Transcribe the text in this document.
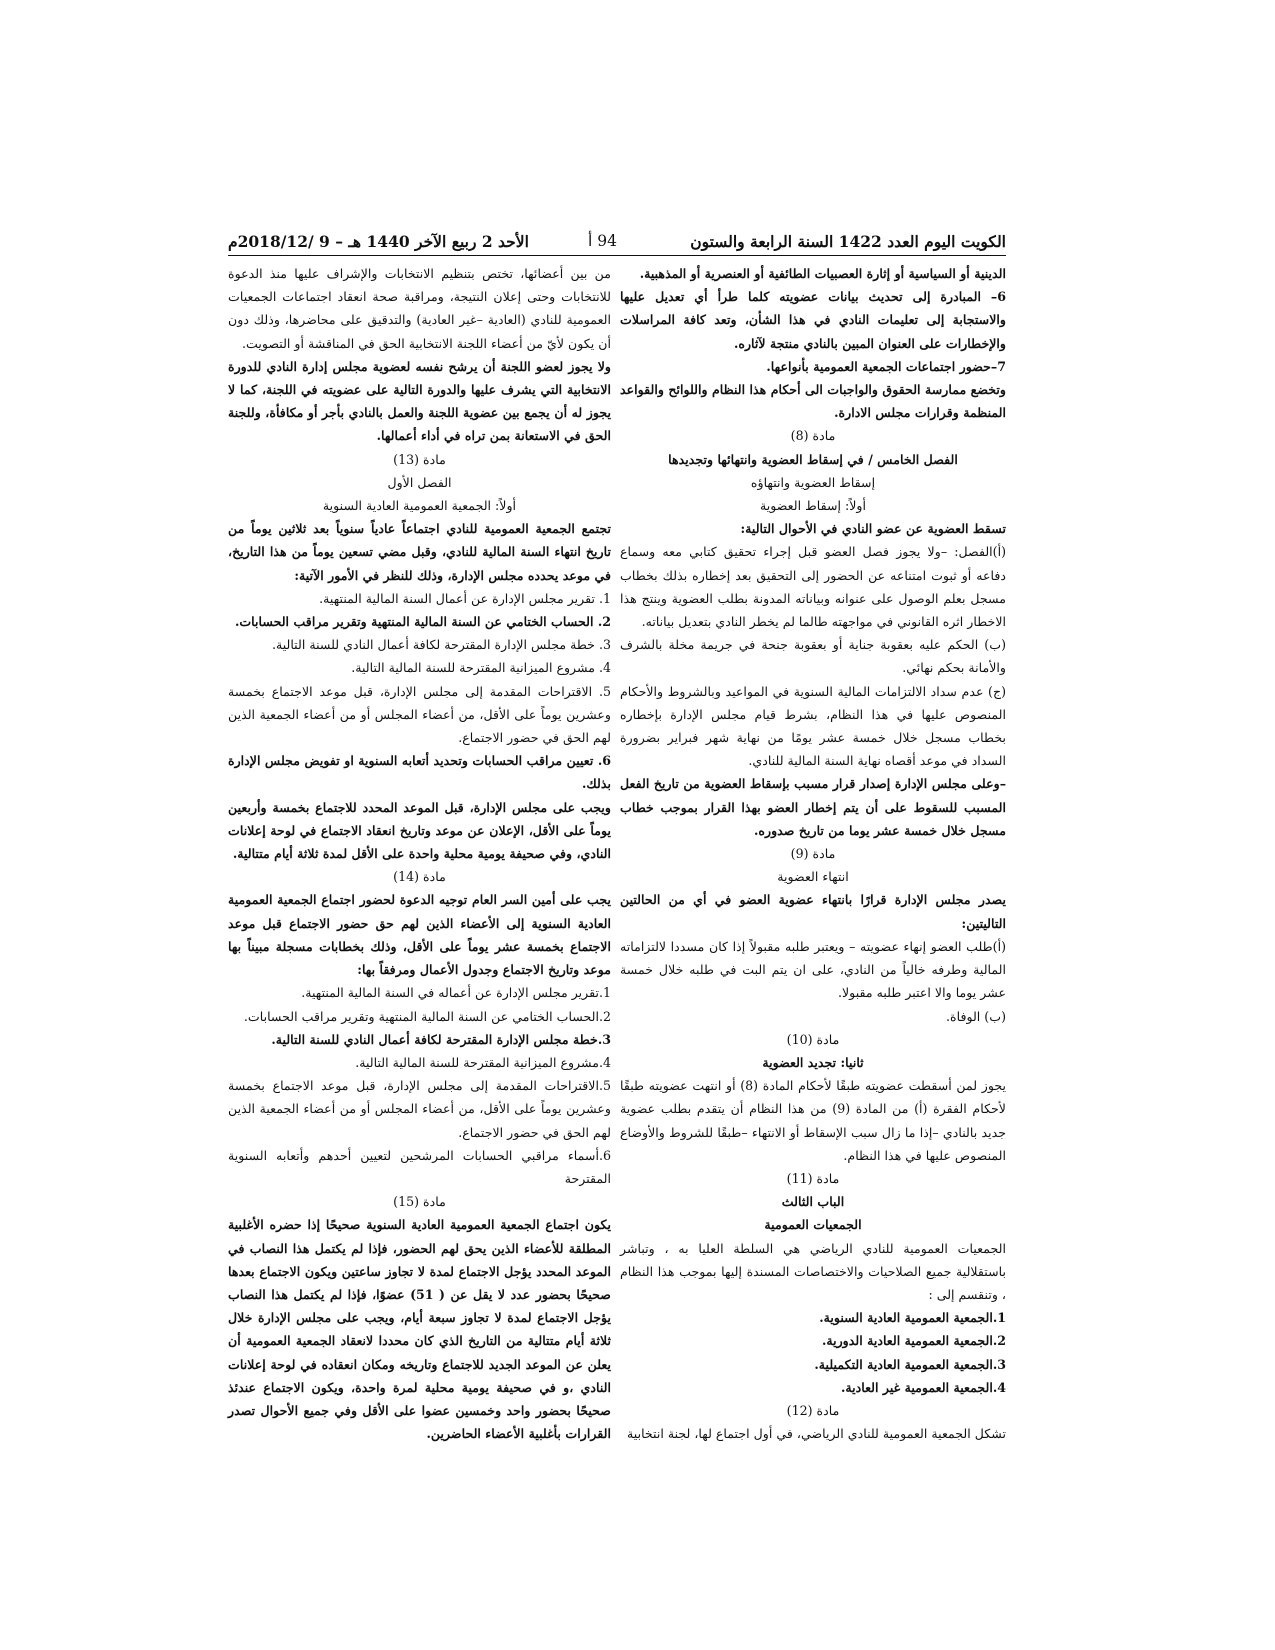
الكويت اليوم العدد 1422 السنة الرابعة والستون
94 أ
الأحد 2 ربيع الآخر 1440 هـ – 9 /2018/12م

الدينية أو السياسية أو إثارة العصبيات الطائفية أو العنصرية أو المذهبية.

6– المبادرة إلى تحديث بيانات عضويته كلما طرأ أي تعديل عليها والاستجابة إلى تعليمات النادي في هذا الشأن، وتعد كافة المراسلات والإخطارات على العنوان المبين بالنادي منتجة لآثاره.

7–حضور اجتماعات الجمعية العمومية بأنواعها.

وتخضع ممارسة الحقوق والواجبات الى أحكام هذا النظام واللوائح والقواعد المنظمة وقرارات مجلس الادارة.

مادة (8)

الفصل الخامس / في إسقاط العضوية وانتهائها وتجديدها

إسقاط العضوية وانتهاؤه

أولاً: إسقاط العضوية

تسقط العضوية عن عضو النادي في الأحوال التالية:

(أ)الفصل: –ولا يجوز فصل العضو قبل إجراء تحقيق كتابي معه وسماع دفاعه أو ثبوت امتناعه عن الحضور إلى التحقيق بعد إخطاره بذلك بخطاب مسجل بعلم الوصول على عنوانه وبياناته المدونة بطلب العضوية وينتج هذا الاخطار اثره القانوني في مواجهته طالما لم يخطر النادي بتعديل بياناته.

(ب) الحكم عليه بعقوبة جناية أو بعقوبة جنحة في جريمة مخلة بالشرف والأمانة بحكم نهائي.

(ج) عدم سداد الالتزامات المالية السنوية في المواعيد وبالشروط والأحكام المنصوص عليها في هذا النظام، بشرط قيام مجلس الإدارة بإخطاره بخطاب مسجل خلال خمسة عشر يومًا من نهاية شهر فبراير بضرورة السداد في موعد أقصاه نهاية السنة المالية للنادي.

–وعلى مجلس الإدارة إصدار قرار مسبب بإسقاط العضوية من تاريخ الفعل المسبب للسقوط على أن يتم إخطار العضو بهذا القرار بموجب خطاب مسجل خلال خمسة عشر يوما من تاريخ صدوره.

مادة (9)

انتهاء العضوية

يصدر مجلس الإدارة قرارًا بانتهاء عضوية العضو في أي من الحالتين التاليتين:

(أ)طلب العضو إنهاء عضويته – ويعتبر طلبه مقبولاً إذا كان مسددا لالتزاماته المالية وطرفه خالياً من النادي، على ان يتم البت في طلبه خلال خمسة عشر يوما والا اعتبر طلبه مقبولا.

(ب) الوفاة.

مادة (10)

ثانيا: تجديد العضوية

يجوز لمن أسقطت عضويته طبقًا لأحكام المادة (8) أو انتهت عضويته طبقًا لأحكام الفقرة (أ) من المادة (9) من هذا النظام أن يتقدم بطلب عضوية جديد بالنادي –إذا ما زال سبب الإسقاط أو الانتهاء –طبقًا للشروط والأوضاع المنصوص عليها في هذا النظام.

مادة (11)

الباب الثالث

الجمعيات العمومية

الجمعيات العمومية للنادي الرياضي هي السلطة العليا به ، وتباشر باستقلالية جميع الصلاحيات والاختصاصات المسندة إليها بموجب هذا النظام ، وتنقسم إلى :

1.الجمعية العمومية العادية السنوية.

2.الجمعية العمومية العادية الدورية.

3.الجمعية العمومية العادية التكميلية.

4.الجمعية العمومية غير العادية.

مادة (12)

تشكل الجمعية العمومية للنادي الرياضي، في أول اجتماع لها، لجنة انتخابية

من بين أعضائها، تختص بتنظيم الانتخابات والإشراف عليها منذ الدعوة للانتخابات وحتى إعلان النتيجة، ومراقبة صحة انعقاد اجتماعات الجمعيات العمومية للنادي (العادية –غير العادية) والتدقيق على محاضرها، وذلك دون أن يكون لأيّ من أعضاء اللجنة الانتخابية الحق في المناقشة أو التصويت.

ولا يجوز لعضو اللجنة أن يرشح نفسه لعضوية مجلس إدارة النادي للدورة الانتخابية التي يشرف عليها والدورة التالية على عضويته في اللجنة، كما لا يجوز له أن يجمع بين عضوية اللجنة والعمل بالنادي بأجر أو مكافأة، وللجنة الحق في الاستعانة بمن تراه في أداء أعمالها.

مادة (13)

الفصل الأول

أولاً: الجمعية العمومية العادية السنوية

تجتمع الجمعية العمومية للنادي اجتماعاً عادياً سنوياً بعد ثلاثين يوماً من تاريخ انتهاء السنة المالية للنادي، وقبل مضي تسعين يوماً من هذا التاريخ، في موعد يحدده مجلس الإدارة، وذلك للنظر في الأمور الآتية:

1. تقرير مجلس الإدارة عن أعمال السنة المالية المنتهية.

2. الحساب الختامي عن السنة المالية المنتهية وتقرير مراقب الحسابات.

3. خطة مجلس الإدارة المقترحة لكافة أعمال النادي للسنة التالية.

4. مشروع الميزانية المقترحة للسنة المالية التالية.

5. الاقتراحات المقدمة إلى مجلس الإدارة، قبل موعد الاجتماع بخمسة وعشرين يوماً على الأقل، من أعضاء المجلس أو من أعضاء الجمعية الذين لهم الحق في حضور الاجتماع.

6. تعيين مراقب الحسابات وتحديد أتعابه السنوية او تفويض مجلس الإدارة بذلك.

ويجب على مجلس الإدارة، قبل الموعد المحدد للاجتماع بخمسة وأربعين يوماً على الأقل، الإعلان عن موعد وتاريخ انعقاد الاجتماع في لوحة إعلانات النادي، وفي صحيفة يومية محلية واحدة على الأقل لمدة ثلاثة أيام متتالية.

مادة (14)

يجب على أمين السر العام توجيه الدعوة لحضور اجتماع الجمعية العمومية العادية السنوية إلى الأعضاء الذين لهم حق حضور الاجتماع قبل موعد الاجتماع بخمسة عشر يوماً على الأقل، وذلك بخطابات مسجلة مبيناً بها موعد وتاريخ الاجتماع وجدول الأعمال ومرفقاً بها:

1.تقرير مجلس الإدارة عن أعماله في السنة المالية المنتهية.

2.الحساب الختامي عن السنة المالية المنتهية وتقرير مراقب الحسابات.

3.خطة مجلس الإدارة المقترحة لكافة أعمال النادي للسنة التالية.

4.مشروع الميزانية المقترحة للسنة المالية التالية.

5.الاقتراحات المقدمة إلى مجلس الإدارة، قبل موعد الاجتماع بخمسة وعشرين يوماً على الأقل، من أعضاء المجلس أو من أعضاء الجمعية الذين لهم الحق في حضور الاجتماع.

6.أسماء مراقبي الحسابات المرشحين لتعيين أحدهم وأتعابه السنوية المقترحة

مادة (15)

يكون اجتماع الجمعية العمومية العادية السنوية صحيحًا إذا حضره الأغلبية المطلقة للأعضاء الذين يحق لهم الحضور، فإذا لم يكتمل هذا النصاب في الموعد المحدد يؤجل الاجتماع لمدة لا تجاوز ساعتين ويكون الاجتماع بعدها صحيحًا بحضور عدد لا يقل عن ( 51) عضوًا، فإذا لم يكتمل هذا النصاب يؤجل الاجتماع لمدة لا تجاوز سبعة أيام، ويجب على مجلس الإدارة خلال ثلاثة أيام متتالية من التاريخ الذي كان محددا لانعقاد الجمعية العمومية أن يعلن عن الموعد الجديد للاجتماع وتاريخه ومكان انعقاده في لوحة إعلانات النادي ،و في صحيفة يومية محلية لمرة واحدة، ويكون الاجتماع عندئذ صحيحًا بحضور واحد وخمسين عضوا على الأقل وفي جميع الأحوال تصدر القرارات بأغلبية الأعضاء الحاضرين.
